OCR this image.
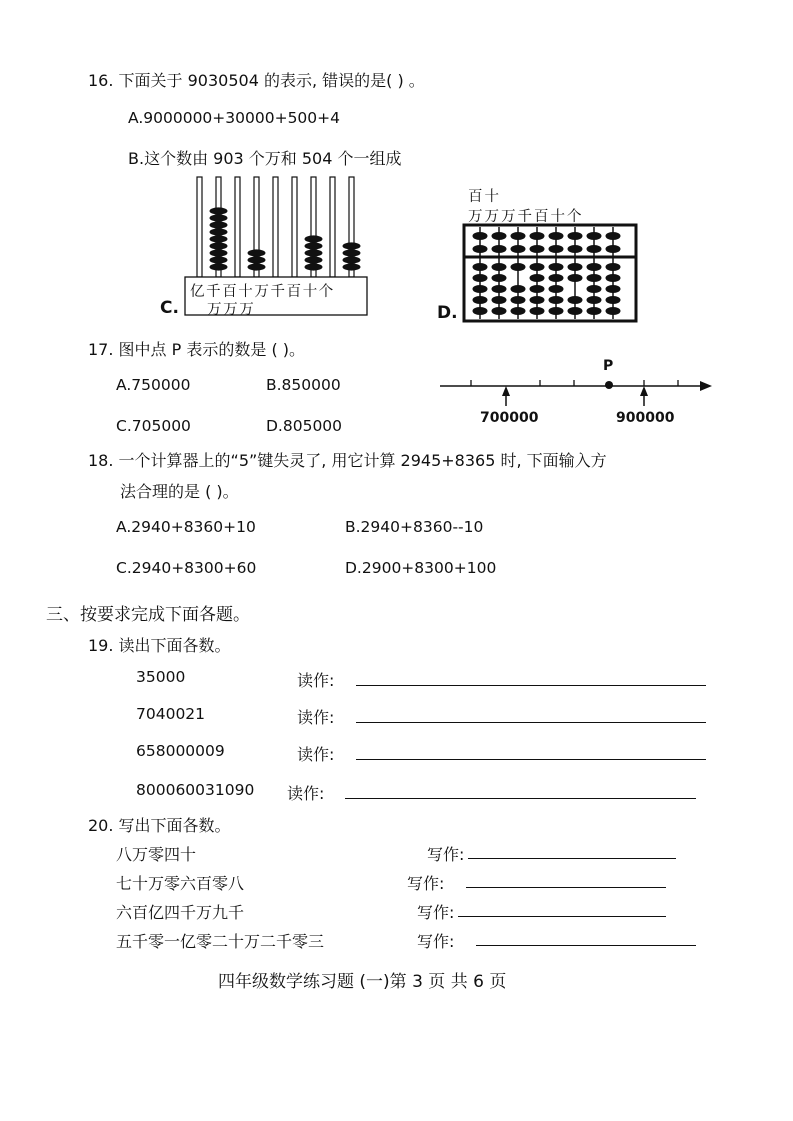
16. 下面关于 9030504 的表示, 错误的是( ) 。
A.9000000+30000+500+4
B.这个数由 903 个万和 504 个一组成
C.
亿千百十万千百十个
万万万
百十
万万万千百十个
D.
17. 图中点 P 表示的数是 ( )。
A.750000	B.850000
C.705000	D.805000
P
700000	900000
18. 一个计算器上的“5”键失灵了, 用它计算 2945+8365 时, 下面输入方
法合理的是 ( )。
A.2940+8360+10	B.2940+8360--10
C.2940+8300+60	D.2900+8300+100
三、按要求完成下面各题。
19. 读出下面各数。
35000	读作:
7040021	读作:
658000009	读作:
800060031090 读作:
20. 写出下面各数。
八万零四十	写作:
七十万零六百零八	写作:
六百亿四千万九千	写作:
五千零一亿零二十万二千零三	写作:
四年级数学练习题 (一)第 3 页 共 6 页
